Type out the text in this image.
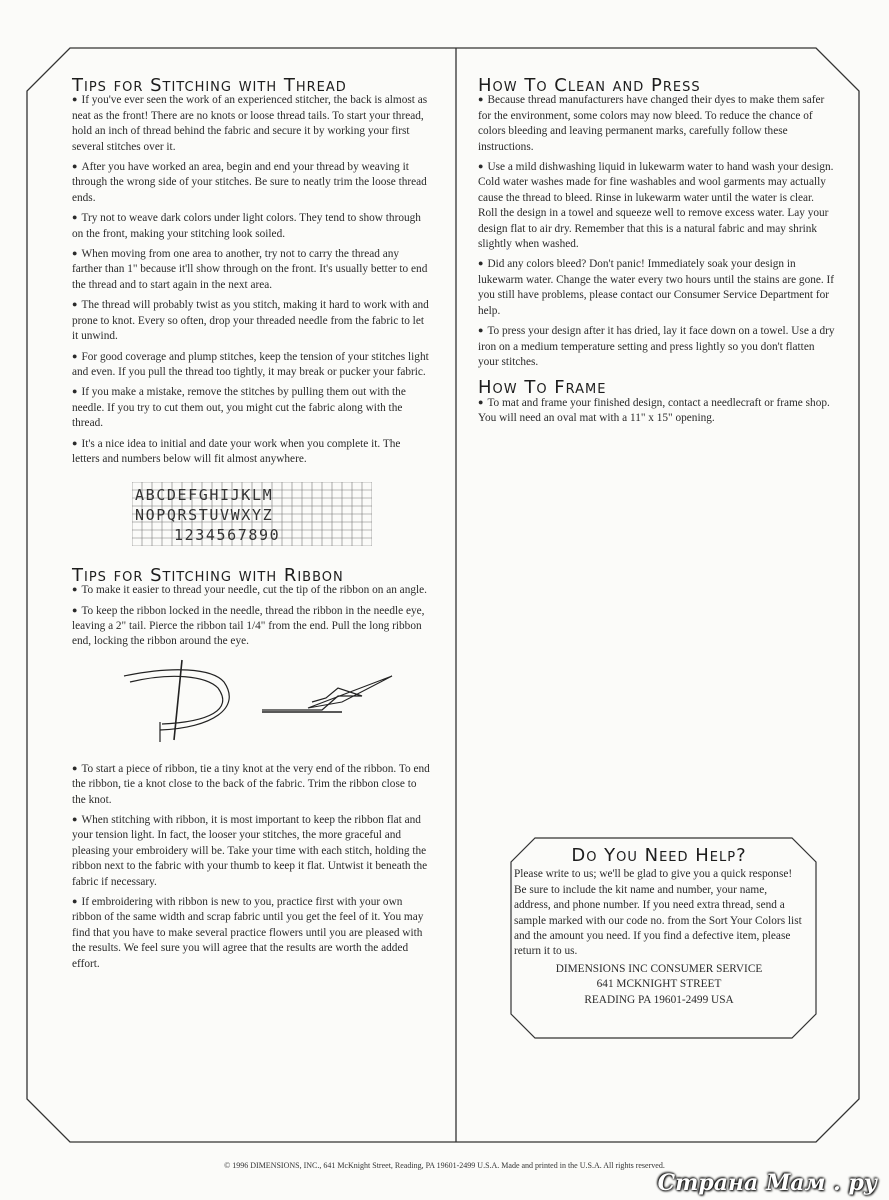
Tips for Stitching with Thread

● If you've ever seen the work of an experienced stitcher, the back is almost as neat as the front! There are no knots or loose thread tails. To start your thread, hold an inch of thread behind the fabric and secure it by working your first several stitches over it.

● After you have worked an area, begin and end your thread by weaving it through the wrong side of your stitches. Be sure to neatly trim the loose thread ends.

● Try not to weave dark colors under light colors. They tend to show through on the front, making your stitching look soiled.

● When moving from one area to another, try not to carry the thread any farther than 1" because it'll show through on the front. It's usually better to end the thread and to start again in the next area.

● The thread will probably twist as you stitch, making it hard to work with and prone to knot. Every so often, drop your threaded needle from the fabric to let it unwind.

● For good coverage and plump stitches, keep the tension of your stitches light and even. If you pull the thread too tightly, it may break or pucker your fabric.

● If you make a mistake, remove the stitches by pulling them out with the needle. If you try to cut them out, you might cut the fabric along with the thread.

● It's a nice idea to initial and date your work when you complete it. The letters and numbers below will fit almost anywhere.

ABCDEFGHIJKLM
NOPQRSTUVWXYZ
1234567890
Tips for Stitching with Ribbon

● To make it easier to thread your needle, cut the tip of the ribbon on an angle.

● To keep the ribbon locked in the needle, thread the ribbon in the needle eye, leaving a 2" tail. Pierce the ribbon tail 1/4" from the end. Pull the long ribbon end, locking the ribbon around the eye.

● To start a piece of ribbon, tie a tiny knot at the very end of the ribbon. To end the ribbon, tie a knot close to the back of the fabric. Trim the ribbon close to the knot.

● When stitching with ribbon, it is most important to keep the ribbon flat and your tension light. In fact, the looser your stitches, the more graceful and pleasing your embroidery will be. Take your time with each stitch, holding the ribbon next to the fabric with your thumb to keep it flat. Untwist it beneath the fabric if necessary.

● If embroidering with ribbon is new to you, practice first with your own ribbon of the same width and scrap fabric until you get the feel of it. You may find that you have to make several practice flowers until you are pleased with the results. We feel sure you will agree that the results are worth the added effort.

How To Clean and Press

● Because thread manufacturers have changed their dyes to make them safer for the environment, some colors may now bleed. To reduce the chance of colors bleeding and leaving permanent marks, carefully follow these instructions.

● Use a mild dishwashing liquid in lukewarm water to hand wash your design. Cold water washes made for fine washables and wool garments may actually cause the thread to bleed. Rinse in lukewarm water until the water is clear. Roll the design in a towel and squeeze well to remove excess water. Lay your design flat to air dry. Remember that this is a natural fabric and may shrink slightly when washed.

● Did any colors bleed? Don't panic! Immediately soak your design in lukewarm water. Change the water every two hours until the stains are gone. If you still have problems, please contact our Consumer Service Department for help.

● To press your design after it has dried, lay it face down on a towel. Use a dry iron on a medium temperature setting and press lightly so you don't flatten your stitches.

How To Frame

● To mat and frame your finished design, contact a needlecraft or frame shop. You will need an oval mat with a 11" x 15" opening.

Do You Need Help?
Please write to us; we'll be glad to give you a quick response! Be sure to include the kit name and number, your name, address, and phone number. If you need extra thread, send a sample marked with our code no. from the Sort Your Colors list and the amount you need. If you find a defective item, please return it to us.
DIMENSIONS INC CONSUMER SERVICE
641 MCKNIGHT STREET
READING PA 19601-2499 USA
© 1996 DIMENSIONS, INC., 641 McKnight Street, Reading, PA 19601-2499 U.S.A. Made and printed in the U.S.A. All rights reserved.
Страна Мам . ру
